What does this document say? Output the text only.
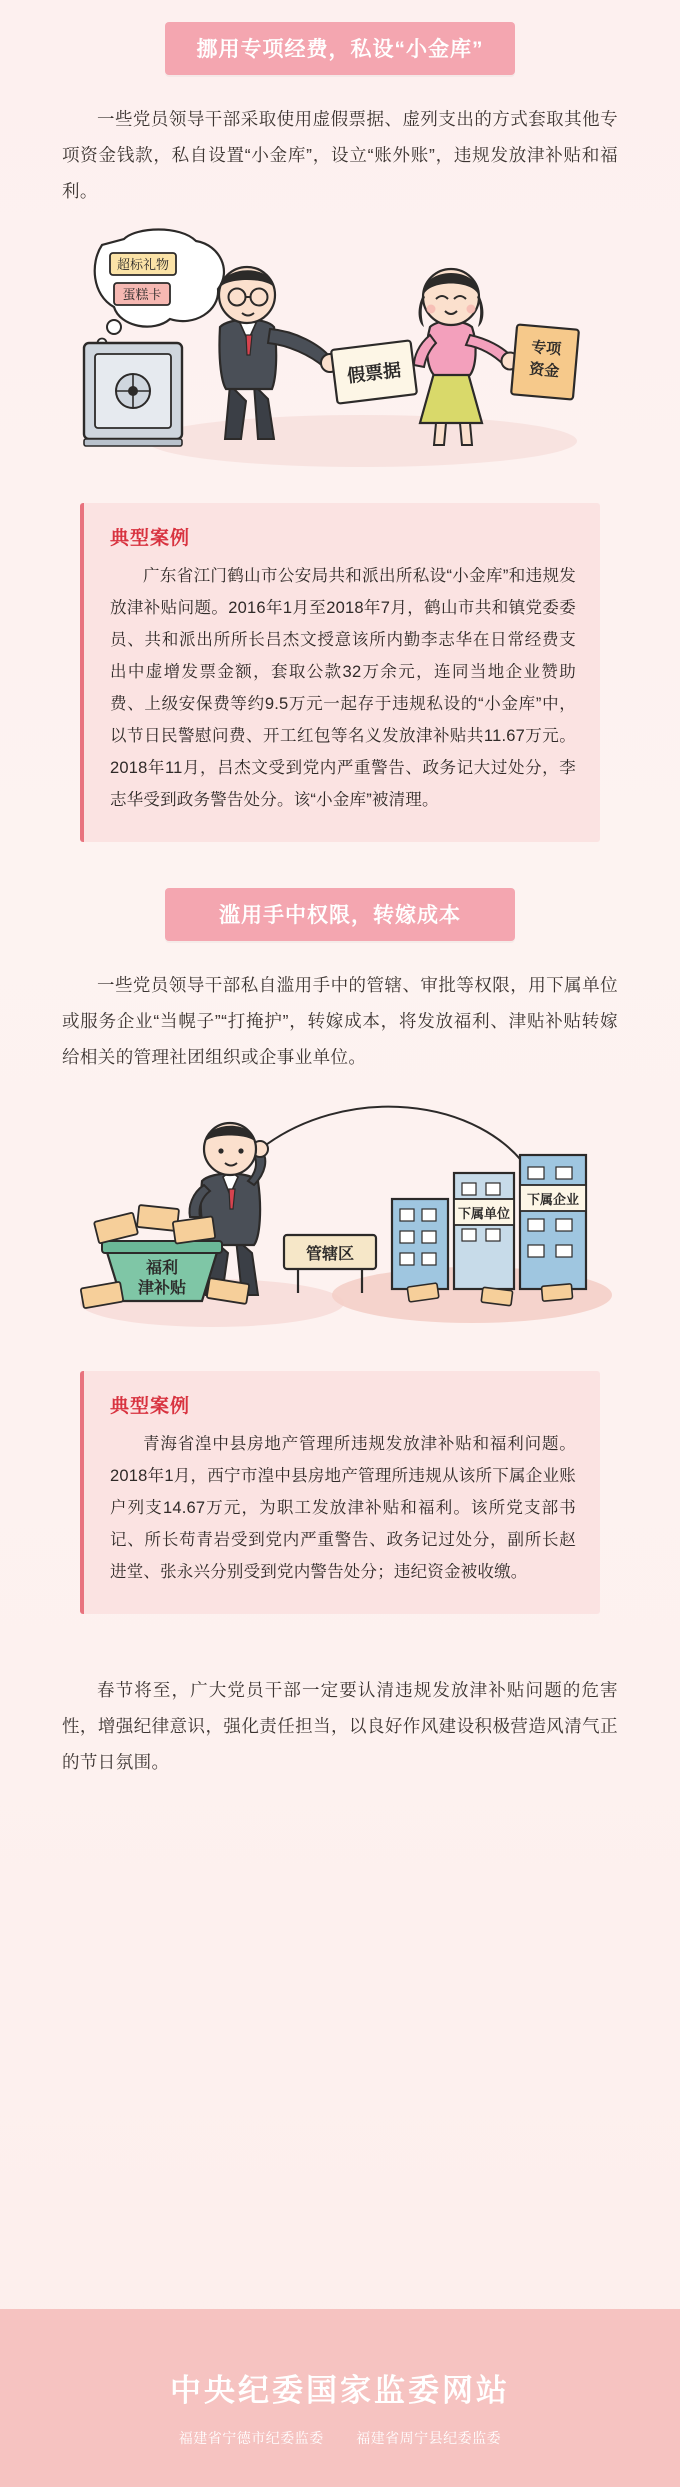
挪用专项经费，私设“小金库”
一些党员领导干部采取使用虚假票据、虚列支出的方式套取其他专项资金钱款，私自设置“小金库”，设立“账外账”，违规发放津补贴和福利。
超标礼物
蛋糕卡
假票据
专项
资金
典型案例
广东省江门鹤山市公安局共和派出所私设“小金库”和违规发放津补贴问题。2016年1月至2018年7月，鹤山市共和镇党委委员、共和派出所所长吕杰文授意该所内勤李志华在日常经费支出中虚增发票金额，套取公款32万余元，连同当地企业赞助费、上级安保费等约9.5万元一起存于违规私设的“小金库”中，以节日民警慰问费、开工红包等名义发放津补贴共11.67万元。2018年11月，吕杰文受到党内严重警告、政务记大过处分，李志华受到政务警告处分。该“小金库”被清理。
滥用手中权限，转嫁成本
一些党员领导干部私自滥用手中的管辖、审批等权限，用下属单位或服务企业“当幌子”“打掩护”，转嫁成本，将发放福利、津贴补贴转嫁给相关的管理社团组织或企事业单位。
福利
津补贴
管辖区
下属单位
下属企业
典型案例
青海省湟中县房地产管理所违规发放津补贴和福利问题。2018年1月，西宁市湟中县房地产管理所违规从该所下属企业账户列支14.67万元，为职工发放津补贴和福利。该所党支部书记、所长苟青岩受到党内严重警告、政务记过处分，副所长赵进堂、张永兴分别受到党内警告处分；违纪资金被收缴。
春节将至，广大党员干部一定要认清违规发放津补贴问题的危害性，增强纪律意识，强化责任担当，以良好作风建设积极营造风清气正的节日氛围。
中央纪委国家监委网站
福建省宁德市纪委监委 福建省周宁县纪委监委
